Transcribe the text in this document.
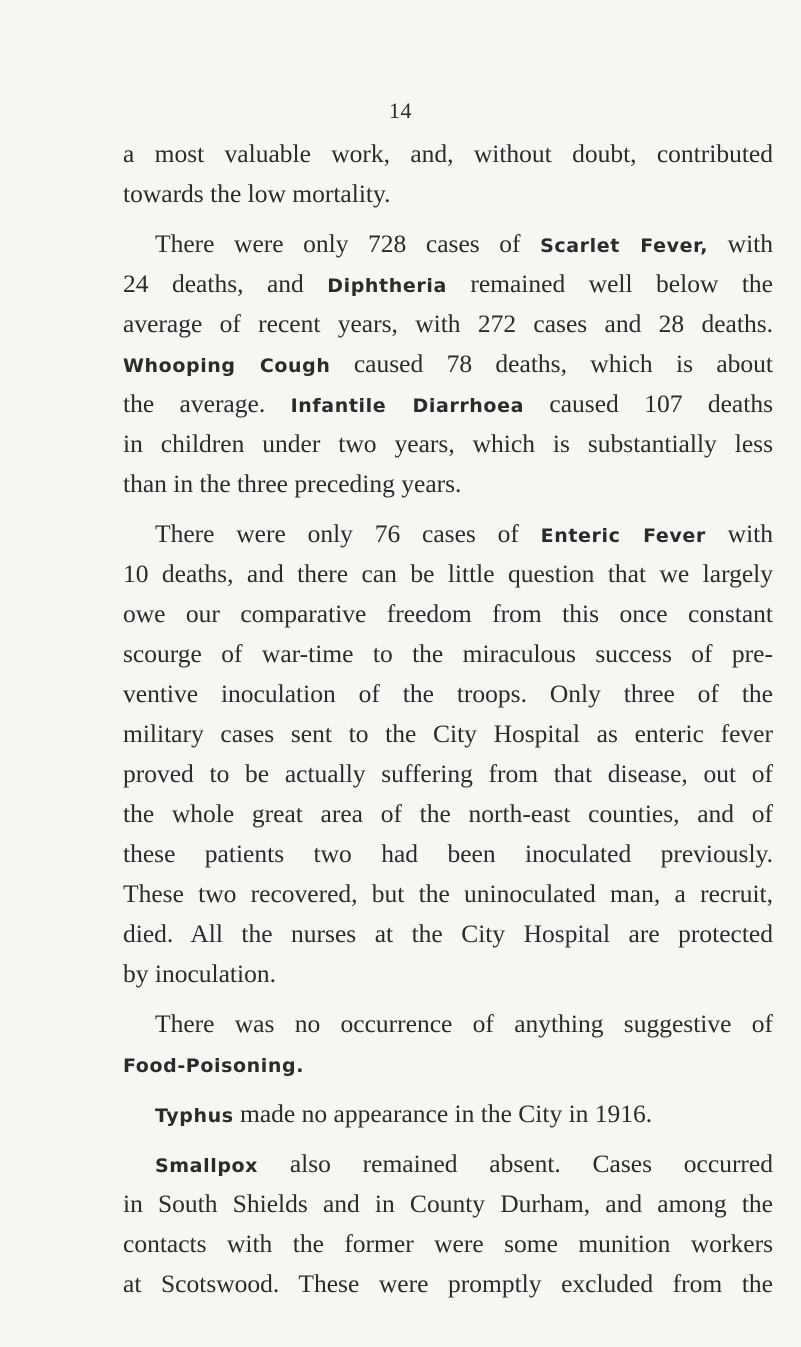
14
a most valuable work, and, without doubt, contributed
towards the low mortality.
There were only 728 cases of Scarlet Fever, with
24 deaths, and Diphtheria remained well below the
average of recent years, with 272 cases and 28 deaths.
Whooping Cough caused 78 deaths, which is about
the average. Infantile Diarrhoea caused 107 deaths
in children under two years, which is substantially less
than in the three preceding years.
There were only 76 cases of Enteric Fever with
10 deaths, and there can be little question that we largely
owe our comparative freedom from this once constant
scourge of war-time to the miraculous success of pre-
ventive inoculation of the troops. Only three of the
military cases sent to the City Hospital as enteric fever
proved to be actually suffering from that disease, out of
the whole great area of the north-east counties, and of
these patients two had been inoculated previously.
These two recovered, but the uninoculated man, a recruit,
died. All the nurses at the City Hospital are protected
by inoculation.
There was no occurrence of anything suggestive of
Food-Poisoning.
Typhus made no appearance in the City in 1916.
Smallpox also remained absent. Cases occurred
in South Shields and in County Durham, and among the
contacts with the former were some munition workers
at Scotswood. These were promptly excluded from the
